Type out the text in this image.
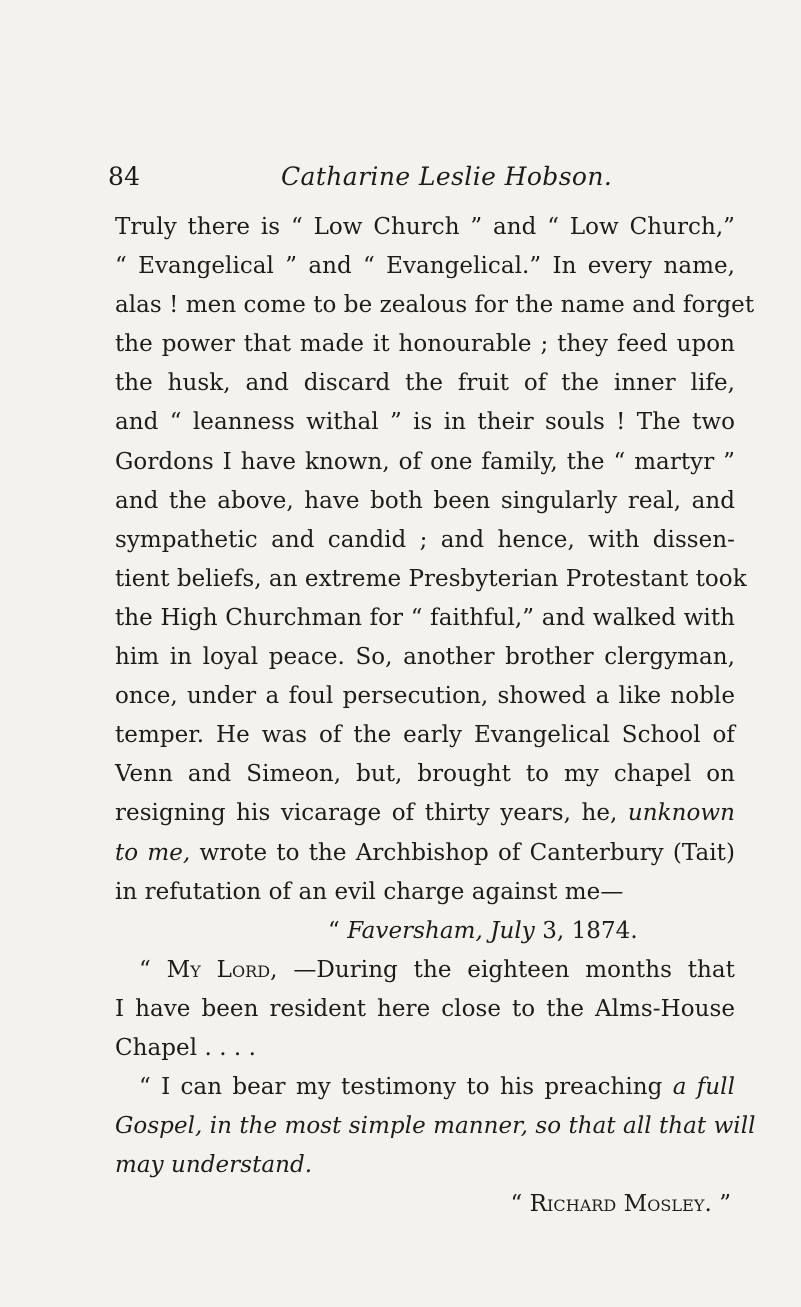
84	Catharine Leslie Hobson.
Truly there is “ Low Church ” and “ Low Church,”
“ Evangelical ” and “ Evangelical.” In every name,
alas ! men come to be zealous for the name and forget
the power that made it honourable ; they feed upon
the husk, and discard the fruit of the inner life,
and “ leanness withal ” is in their souls ! The two
Gordons I have known, of one family, the “ martyr ”
and the above, have both been singularly real, and
sympathetic and candid ; and hence, with dissen-
tient beliefs, an extreme Presbyterian Protestant took
the High Churchman for “ faithful,” and walked with
him in loyal peace. So, another brother clergyman,
once, under a foul persecution, showed a like noble
temper. He was of the early Evangelical School of
Venn and Simeon, but, brought to my chapel on
resigning his vicarage of thirty years, he, unknown
to me, wrote to the Archbishop of Canterbury (Tait)
in refutation of an evil charge against me—
“ Faversham, July 3, 1874.
“ My Lord, —During the eighteen months that
I have been resident here close to the Alms-House
Chapel . . . .
“ I can bear my testimony to his preaching a full
Gospel, in the most simple manner, so that all that will
may understand.
“ Richard Mosley. ”
